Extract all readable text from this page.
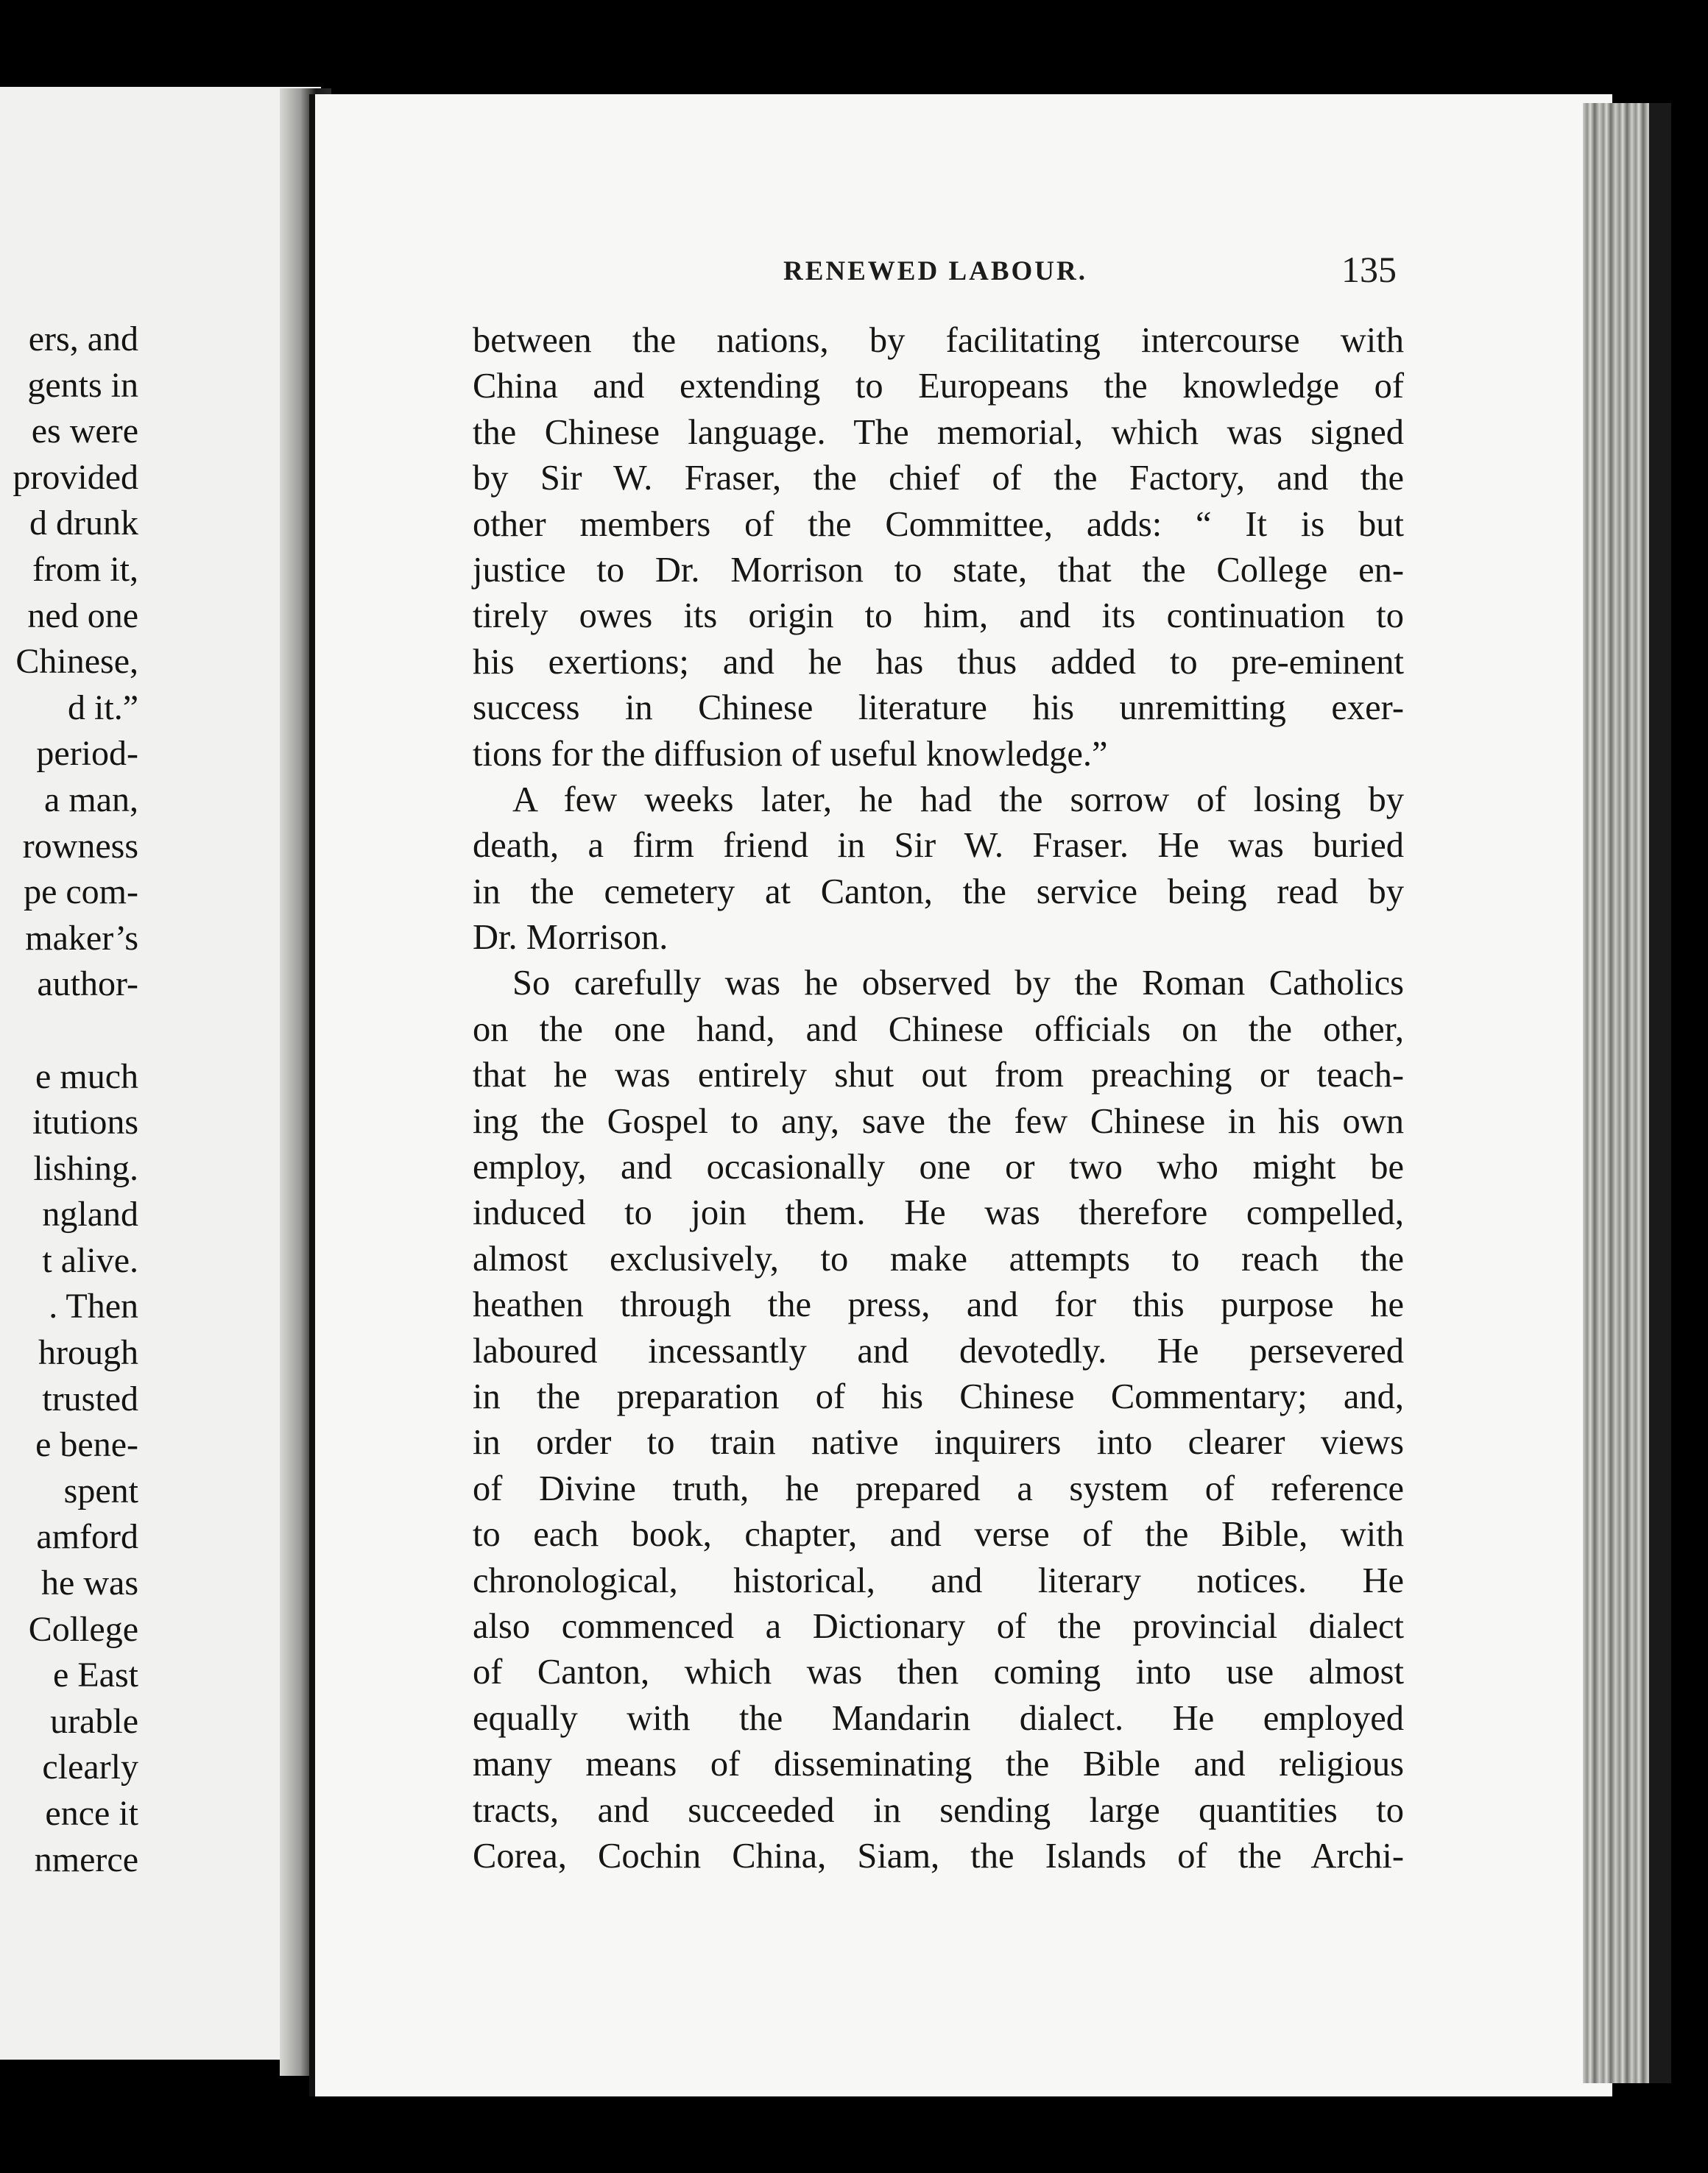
ers, and
gents in
es were
provided
d drunk
from it,
ned one
Chinese,
d it.”
period-
a man,
rowness
pe com-
maker’s
author-
e much
itutions
lishing.
ngland
t alive.
. Then
hrough
trusted
e bene-
spent
amford
he was
College
e East
urable
clearly
ence it
nmerce
RENEWED LABOUR.	135
between the nations, by facilitating intercourse with
China and extending to Europeans the knowledge of
the Chinese language. The memorial, which was signed
by Sir W. Fraser, the chief of the Factory, and the
other members of the Committee, adds: “ It is but
justice to Dr. Morrison to state, that the College en-
tirely owes its origin to him, and its continuation to
his exertions; and he has thus added to pre-eminent
success in Chinese literature his unremitting exer-
tions for the diffusion of useful knowledge.”
A few weeks later, he had the sorrow of losing by
death, a firm friend in Sir W. Fraser. He was buried
in the cemetery at Canton, the service being read by
Dr. Morrison.
So carefully was he observed by the Roman Catholics
on the one hand, and Chinese officials on the other,
that he was entirely shut out from preaching or teach-
ing the Gospel to any, save the few Chinese in his own
employ, and occasionally one or two who might be
induced to join them. He was therefore compelled,
almost exclusively, to make attempts to reach the
heathen through the press, and for this purpose he
laboured incessantly and devotedly. He persevered
in the preparation of his Chinese Commentary; and,
in order to train native inquirers into clearer views
of Divine truth, he prepared a system of reference
to each book, chapter, and verse of the Bible, with
chronological, historical, and literary notices. He
also commenced a Dictionary of the provincial dialect
of Canton, which was then coming into use almost
equally with the Mandarin dialect. He employed
many means of disseminating the Bible and religious
tracts, and succeeded in sending large quantities to
Corea, Cochin China, Siam, the Islands of the Archi-
